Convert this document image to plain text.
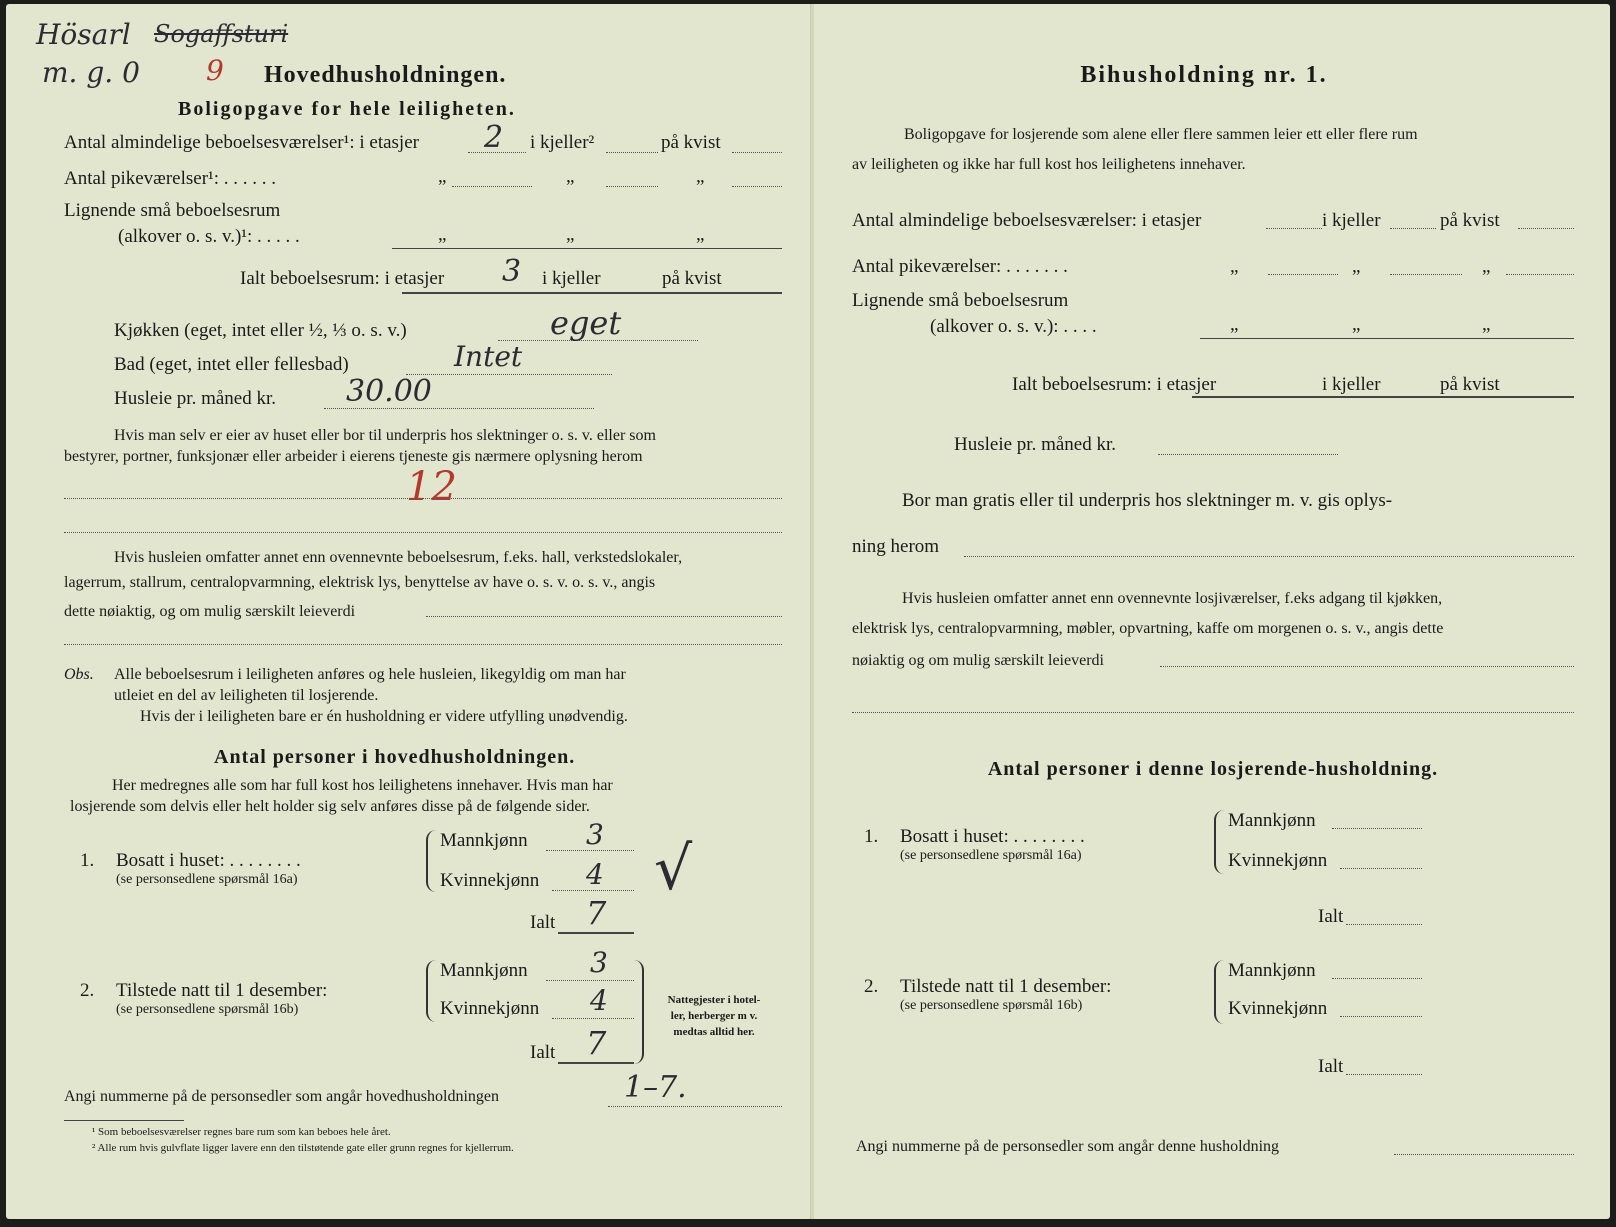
Hösarl Sogaffsturi
m. g. 0 9 Hovedhusholdningen.
Boligopgave for hele leiligheten.
Antal almindelige beboelsesværelser¹: i etasjer 2 i kjeller²	på kvist
Antal pikeværelser¹: . . . . . .	„	„	„
Lignende små beboelsesrum
(alkover o. s. v.)¹: . . . . .	„	„	„
Ialt beboelsesrum: i etasjer 3 i kjeller	på kvist
Kjøkken (eget, intet eller ½, ⅓ o. s. v.)	eget
Bad (eget, intet eller fellesbad)	Intet
Husleie pr. måned kr. 30.00
Hvis man selv er eier av huset eller bor til underpris hos slektninger o. s. v. eller som
bestyrer, portner, funksjonær eller arbeider i eierens tjeneste gis nærmere oplysning herom
12
Hvis husleien omfatter annet enn ovennevnte beboelsesrum, f.eks. hall, verkstedslokaler,
lagerrum, stallrum, centralopvarmning, elektrisk lys, benyttelse av have o. s. v. o. s. v., angis
dette nøiaktig, og om mulig særskilt leieverdi
Obs. Alle beboelsesrum i leiligheten anføres og hele husleien, likegyldig om man har
utleiet en del av leiligheten til losjerende.
Hvis der i leiligheten bare er én husholdning er videre utfylling unødvendig.
Antal personer i hovedhusholdningen.
Her medregnes alle som har full kost hos leilighetens innehaver. Hvis man har
losjerende som delvis eller helt holder sig selv anføres disse på de følgende sider.
1. Bosatt i huset: . . . . . . . .
(se personsedlene spørsmål 16a)
Mannkjønn 3
Kvinnekjønn 4
Ialt 7
√
2. Tilstede natt til 1 desember:
(se personsedlene spørsmål 16b)
Mannkjønn 3
Kvinnekjønn 4
Ialt 7
Nattegjester i hotel-
ler, herberger m v.
medtas alltid her.
Angi nummerne på de personsedler som angår hovedhusholdningen	1–7.
¹ Som beboelsesværelser regnes bare rum som kan beboes hele året.
² Alle rum hvis gulvflate ligger lavere enn den tilstøtende gate eller grunn regnes for kjellerrum.
Bihusholdning nr. 1.
Boligopgave for losjerende som alene eller flere sammen leier ett eller flere rum
av leiligheten og ikke har full kost hos leilighetens innehaver.
Antal almindelige beboelsesværelser: i etasjer	i kjeller	på kvist
Antal pikeværelser: . . . . . . .	„	„	„
Lignende små beboelsesrum
(alkover o. s. v.): . . . .	„	„	„
Ialt beboelsesrum: i etasjer	i kjeller	på kvist
Husleie pr. måned kr.
Bor man gratis eller til underpris hos slektninger m. v. gis oplys-
ning herom
Hvis husleien omfatter annet enn ovennevnte losjiværelser, f.eks adgang til kjøkken,
elektrisk lys, centralopvarmning, møbler, opvartning, kaffe om morgenen o. s. v., angis dette
nøiaktig og om mulig særskilt leieverdi
Antal personer i denne losjerende-husholdning.
1. Bosatt i huset: . . . . . . . .
(se personsedlene spørsmål 16a)
Mannkjønn
Kvinnekjønn
Ialt
2. Tilstede natt til 1 desember:
(se personsedlene spørsmål 16b)
Mannkjønn
Kvinnekjønn
Ialt
Angi nummerne på de personsedler som angår denne husholdning
